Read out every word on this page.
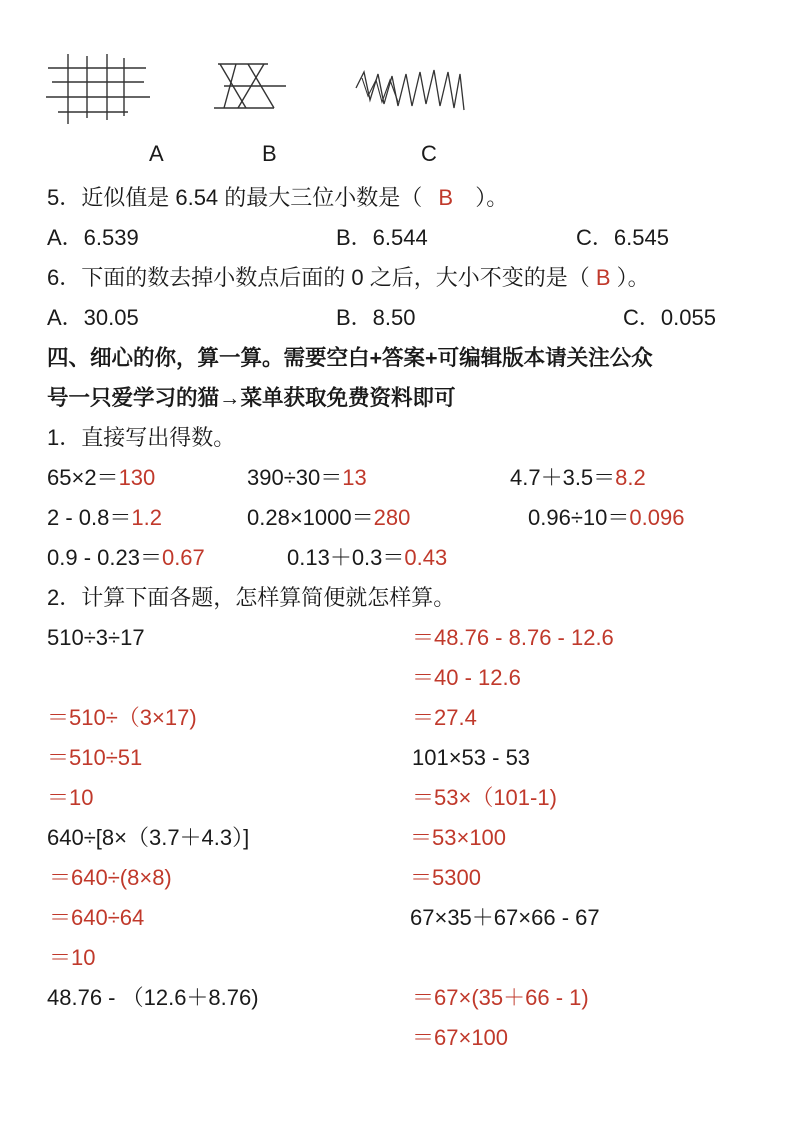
A	B	C
5．近似值是 6.54 的最大三位小数是（ B ）。
A．6.539	B．6.544	C．6.545
6．下面的数去掉小数点后面的 0 之后，大小不变的是（ B ）。
A．30.05	B．8.50	C．0.055
四、细心的你，算一算。需要空白+答案+可编辑版本请关注公众
号一只爱学习的猫→菜单获取免费资料即可
1．直接写出得数。
65×2＝130	390÷30＝13	4.7＋3.5＝8.2
2 - 0.8＝1.2	0.28×1000＝280	0.96÷10＝0.096
0.9 - 0.23＝0.67	0.13＋0.3＝0.43
2．计算下面各题，怎样算简便就怎样算。
510÷3÷17
＝510÷（3×17)
＝510÷51
＝10
640÷[8×（3.7＋4.3）]
＝640÷(8×8)
＝640÷64
＝10
48.76 - （12.6＋8.76)
＝48.76 - 8.76 - 12.6
＝40 - 12.6
＝27.4
101×53 - 53
＝53×（101-1)
＝53×100
＝5300
67×35＋67×66 - 67
＝67×(35＋66 - 1)
＝67×100
